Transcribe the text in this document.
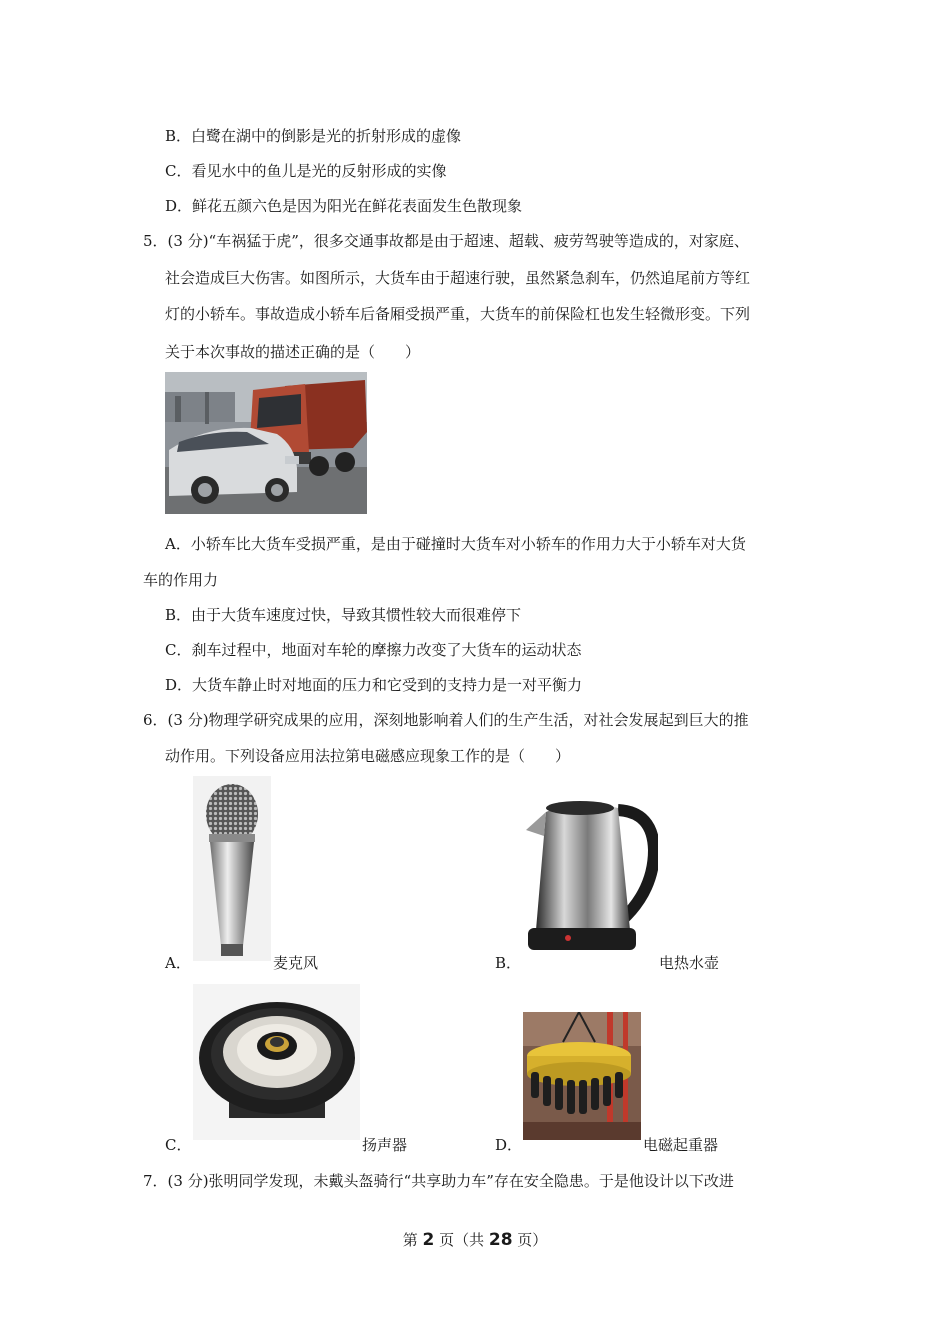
B．白鹭在湖中的倒影是光的折射形成的虚像
C．看见水中的鱼儿是光的反射形成的实像
D．鲜花五颜六色是因为阳光在鲜花表面发生色散现象
5．(3 分)“车祸猛于虎”，很多交通事故都是由于超速、超载、疲劳驾驶等造成的，对家庭、
社会造成巨大伤害。如图所示，大货车由于超速行驶，虽然紧急刹车，仍然追尾前方等红
灯的小轿车。事故造成小轿车后备厢受损严重，大货车的前保险杠也发生轻微形变。下列
关于本次事故的描述正确的是（　　）
A．小轿车比大货车受损严重，是由于碰撞时大货车对小轿车的作用力大于小轿车对大货
车的作用力
B．由于大货车速度过快，导致其惯性较大而很难停下
C．刹车过程中，地面对车轮的摩擦力改变了大货车的运动状态
D．大货车静止时对地面的压力和它受到的支持力是一对平衡力
6．(3 分)物理学研究成果的应用，深刻地影响着人们的生产生活，对社会发展起到巨大的推
动作用。下列设备应用法拉第电磁感应现象工作的是（　　）
A．	麦克风	B．	电热水壶
C．	扬声器	D．	电磁起重器
7．(3 分)张明同学发现，未戴头盔骑行“共享助力车”存在安全隐患。于是他设计以下改进
第 2 页（共 28 页）
